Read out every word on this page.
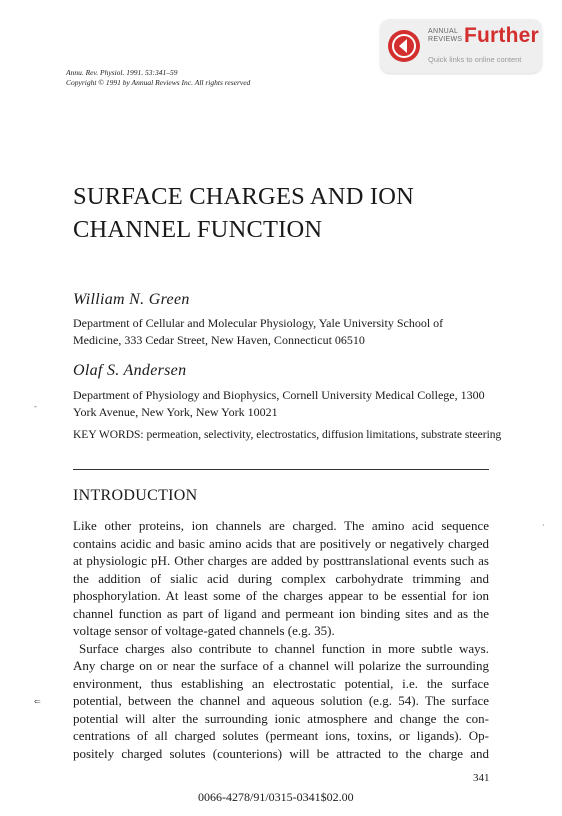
ANNUAL
REVIEWS Further
Quick links to online content
Annu. Rev. Physiol. 1991. 53:341–59
Copyright © 1991 by Annual Reviews Inc. All rights reserved
SURFACE CHARGES AND ION
CHANNEL FUNCTION
William N. Green
Department of Cellular and Molecular Physiology, Yale University School of
Medicine, 333 Cedar Street, New Haven, Connecticut 06510
Olaf S. Andersen
Department of Physiology and Biophysics, Cornell University Medical College, 1300
York Avenue, New York, New York 10021
KEY WORDS: permeation, selectivity, electrostatics, diffusion limitations, substrate steering
INTRODUCTION
Like other proteins, ion channels are charged. The amino acid sequence
contains acidic and basic amino acids that are positively or negatively charged
at physiologic pH. Other charges are added by posttranslational events such as
the addition of sialic acid during complex carbohydrate trimming and
phosphorylation. At least some of the charges appear to be essential for ion
channel function as part of ligand and permeant ion binding sites and as the
voltage sensor of voltage-gated channels (e.g. 35).
Surface charges also contribute to channel function in more subtle ways.
Any charge on or near the surface of a channel will polarize the surrounding
environment, thus establishing an electrostatic potential, i.e. the surface
potential, between the channel and aqueous solution (e.g. 54). The surface
potential will alter the surrounding ionic atmosphere and change the con-
centrations of all charged solutes (permeant ions, toxins, or ligands). Op-
positely charged solutes (counterions) will be attracted to the charge and
341
0066-4278/91/0315-0341$02.00
-
⇐
·
